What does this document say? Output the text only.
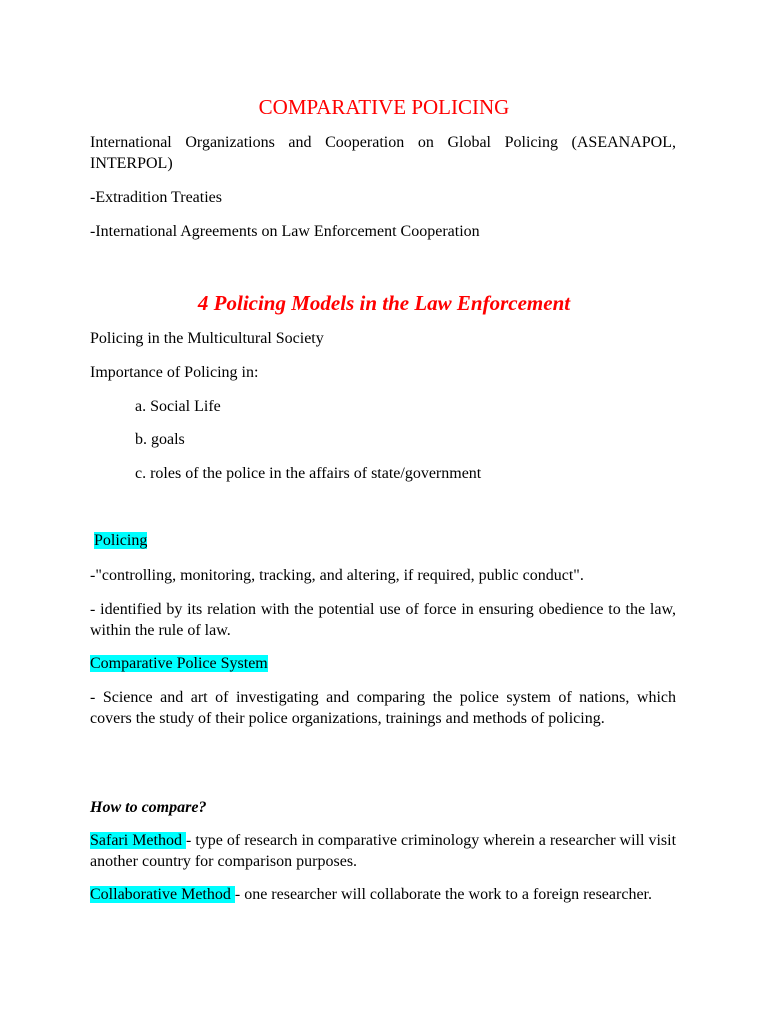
COMPARATIVE POLICING

International Organizations and Cooperation on Global Policing (ASEANAPOL, INTERPOL)

-Extradition Treaties

-International Agreements on Law Enforcement Cooperation

4 Policing Models in the Law Enforcement

Policing in the Multicultural Society

Importance of Policing in:

a. Social Life

b. goals

c. roles of the police in the affairs of state/government

Policing

-"controlling, monitoring, tracking, and altering, if required, public conduct".

- identified by its relation with the potential use of force in ensuring obedience to the law, within the rule of law.

Comparative Police System

- Science and art of investigating and comparing the police system of nations, which covers the study of their police organizations, trainings and methods of policing.

How to compare?

Safari Method - type of research in comparative criminology wherein a researcher will visit another country for comparison purposes.

Collaborative Method - one researcher will collaborate the work to a foreign researcher.
